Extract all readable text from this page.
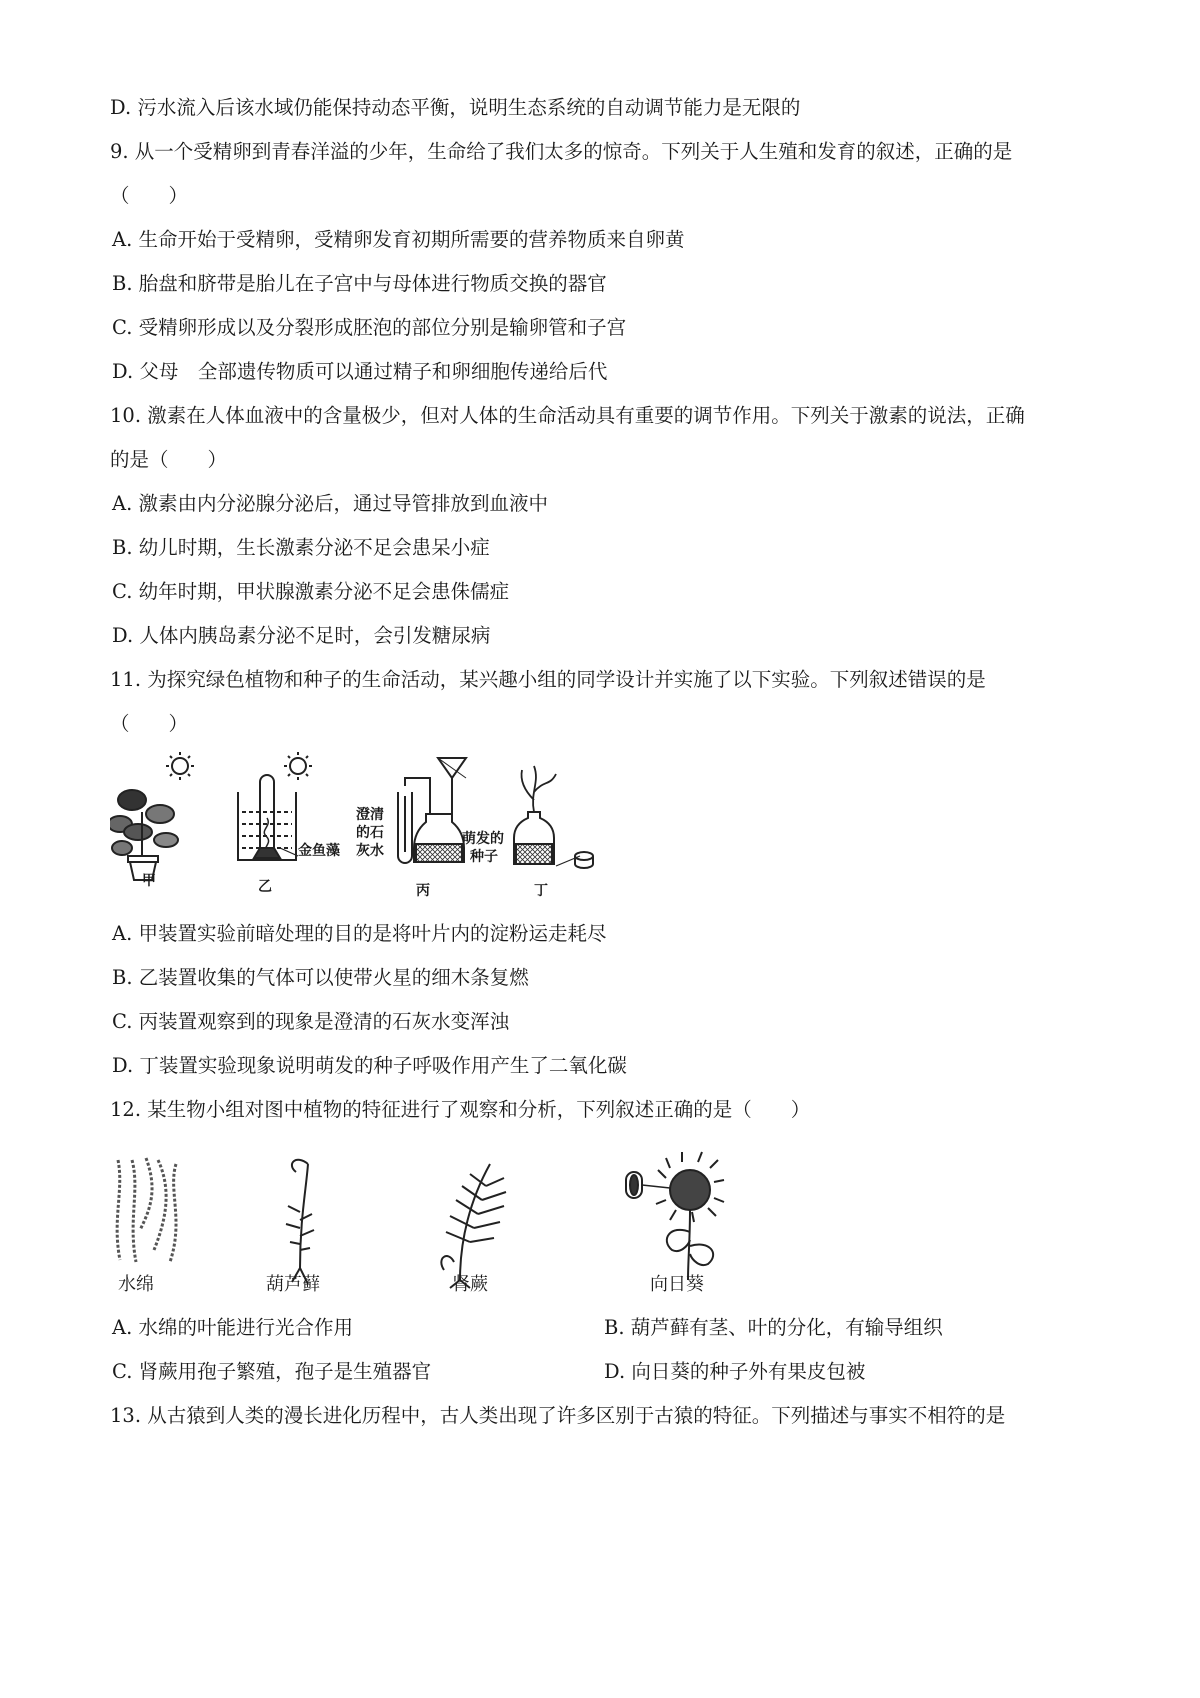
D. 污水流入后该水域仍能保持动态平衡，说明生态系统的自动调节能力是无限的

9. 从一个受精卵到青春洋溢的少年，生命给了我们太多的惊奇。下列关于人生殖和发育的叙述，正确的是

（　　）

A. 生命开始于受精卵，受精卵发育初期所需要的营养物质来自卵黄

B. 胎盘和脐带是胎儿在子宫中与母体进行物质交换的器官

C. 受精卵形成以及分裂形成胚泡的部位分别是输卵管和子宫

D. 父母　全部遗传物质可以通过精子和卵细胞传递给后代

10. 激素在人体血液中的含量极少，但对人体的生命活动具有重要的调节作用。下列关于激素的说法，正确

的是（　　）

A. 激素由内分泌腺分泌后，通过导管排放到血液中

B. 幼儿时期，生长激素分泌不足会患呆小症

C. 幼年时期，甲状腺激素分泌不足会患侏儒症

D. 人体内胰岛素分泌不足时，会引发糖尿病

11. 为探究绿色植物和种子的生命活动，某兴趣小组的同学设计并实施了以下实验。下列叙述错误的是

（　　）

金鱼藻
澄清
的石
灰水
萌发的
种子
甲	乙	丙	丁

A. 甲装置实验前暗处理的目的是将叶片内的淀粉运走耗尽

B. 乙装置收集的气体可以使带火星的细木条复燃

C. 丙装置观察到的现象是澄清的石灰水变浑浊

D. 丁装置实验现象说明萌发的种子呼吸作用产生了二氧化碳

12. 某生物小组对图中植物的特征进行了观察和分析，下列叙述正确的是（　　）

水绵	葫芦藓	肾蕨	向日葵

A. 水绵的叶能进行光合作用	B. 葫芦藓有茎、叶的分化，有输导组织

C. 肾蕨用孢子繁殖，孢子是生殖器官	D. 向日葵的种子外有果皮包被

13. 从古猿到人类的漫长进化历程中，古人类出现了许多区别于古猿的特征。下列描述与事实不相符的是
